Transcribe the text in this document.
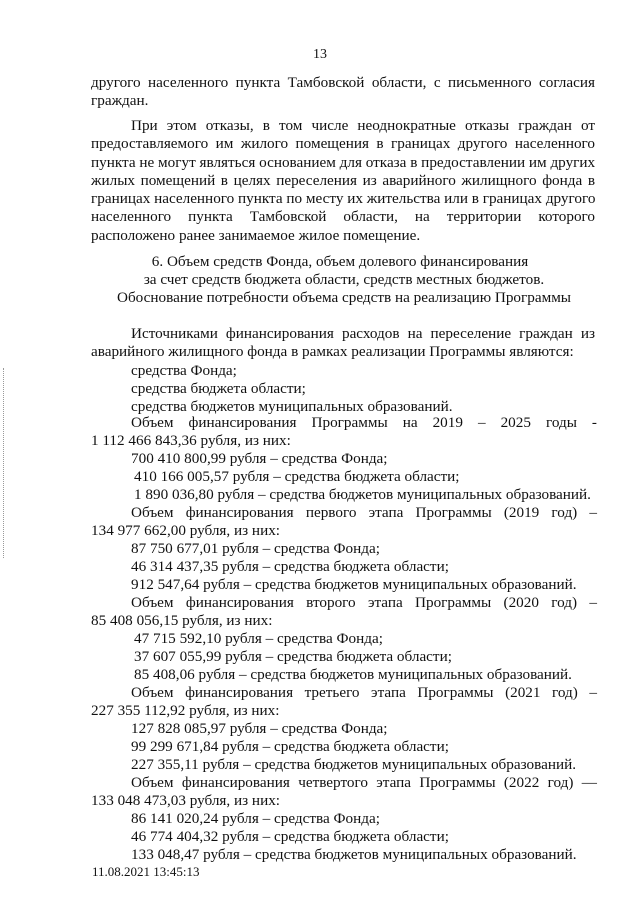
13
другого населенного пункта Тамбовской области, с письменного согласия
граждан.
При этом отказы, в том числе неоднократные отказы граждан от
предоставляемого им жилого помещения в границах другого населенного
пункта не могут являться основанием для отказа в предоставлении им других
жилых помещений в целях переселения из аварийного жилищного фонда в
границах населенного пункта по месту их жительства или в границах другого
населенного пункта Тамбовской области, на территории которого
расположено ранее занимаемое жилое помещение.
6. Объем средств Фонда, объем долевого финансирования
за счет средств бюджета области, средств местных бюджетов.
Обоснование потребности объема средств на реализацию Программы
Источниками финансирования расходов на переселение граждан из
аварийного жилищного фонда в рамках реализации Программы являются:
средства Фонда;
средства бюджета области;
средства бюджетов муниципальных образований.
Объем финансирования Программы на 2019 – 2025 годы -
1 112 466 843,36 рубля, из них:
700 410 800,99 рубля – средства Фонда;
410 166 005,57 рубля – средства бюджета области;
1 890 036,80 рубля – средства бюджетов муниципальных образований.
Объем финансирования первого этапа Программы (2019 год) –
134 977 662,00 рубля, из них:
87 750 677,01 рубля – средства Фонда;
46 314 437,35 рубля – средства бюджета области;
912 547,64 рубля – средства бюджетов муниципальных образований.
Объем финансирования второго этапа Программы (2020 год) –
85 408 056,15 рубля, из них:
47 715 592,10 рубля – средства Фонда;
37 607 055,99 рубля – средства бюджета области;
85 408,06 рубля – средства бюджетов муниципальных образований.
Объем финансирования третьего этапа Программы (2021 год) –
227 355 112,92 рубля, из них:
127 828 085,97 рубля – средства Фонда;
99 299 671,84 рубля – средства бюджета области;
227 355,11 рубля – средства бюджетов муниципальных образований.
Объем финансирования четвертого этапа Программы (2022 год) —
133 048 473,03 рубля, из них:
86 141 020,24 рубля – средства Фонда;
46 774 404,32 рубля – средства бюджета области;
133 048,47 рубля – средства бюджетов муниципальных образований.
11.08.2021 13:45:13
